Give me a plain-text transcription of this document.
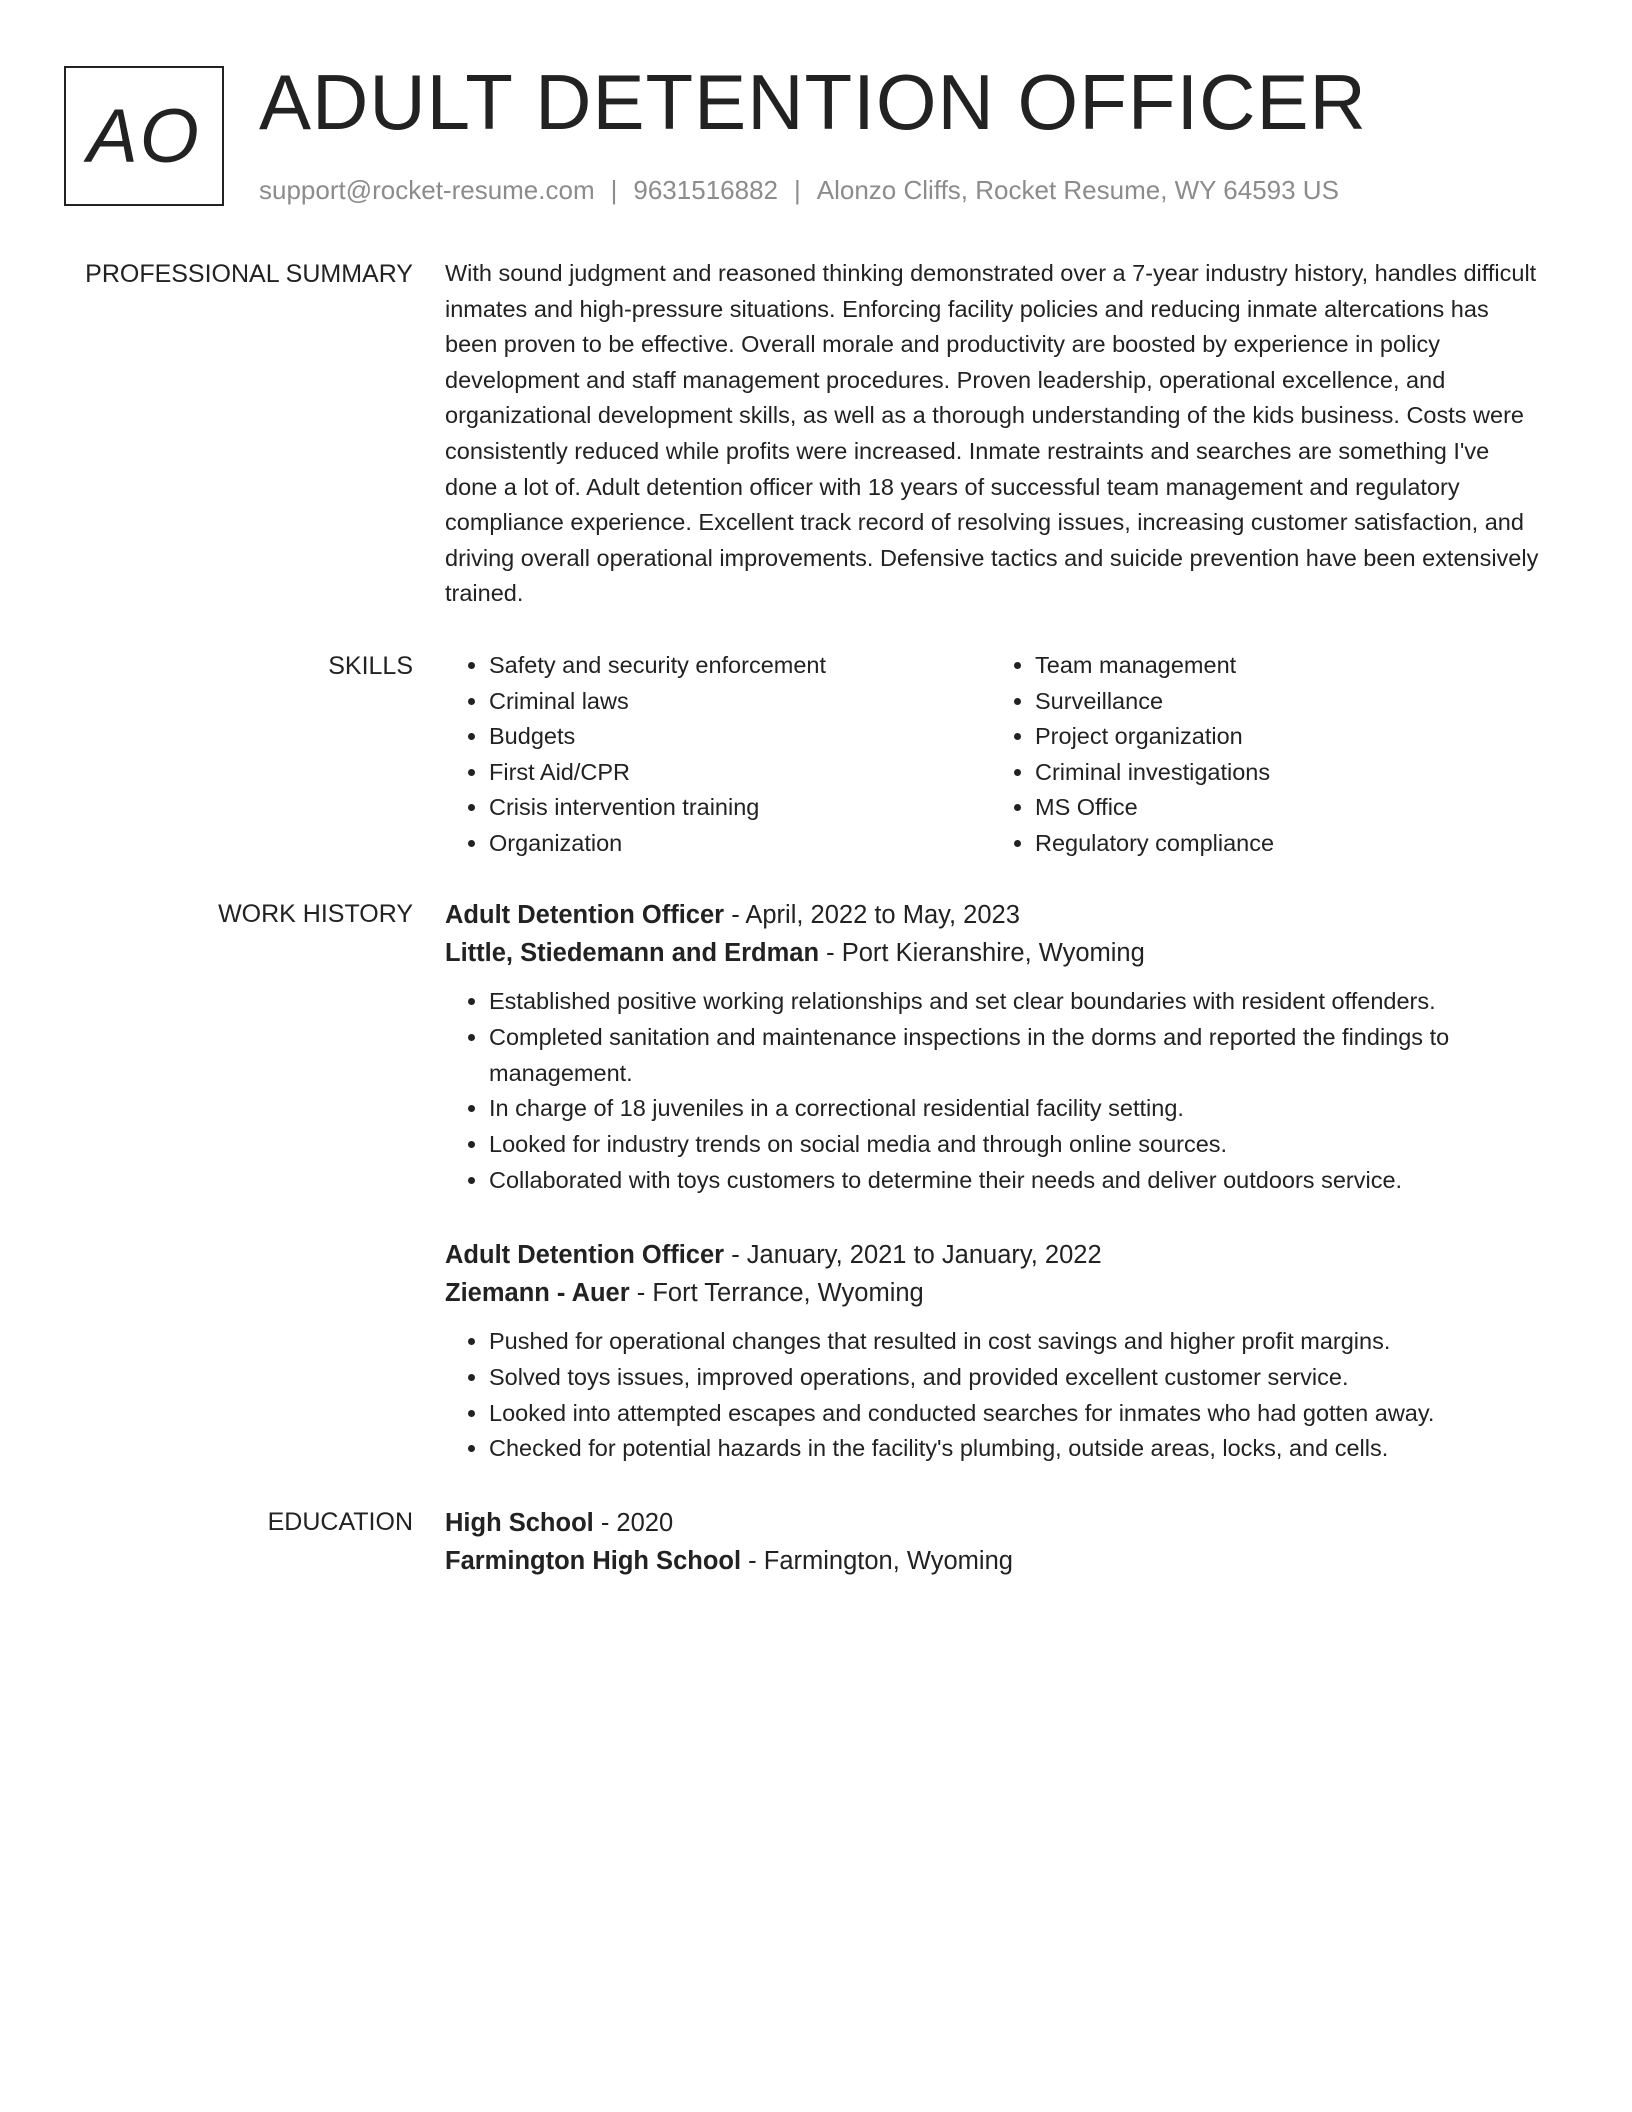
AO ADULT DETENTION OFFICER
support@rocket-resume.com | 9631516882 | Alonzo Cliffs, Rocket Resume, WY 64593 US
PROFESSIONAL SUMMARY With sound judgment and reasoned thinking demonstrated over a 7-year industry history, handles difficult inmates and high-pressure situations. Enforcing facility policies and reducing inmate altercations has been proven to be effective. Overall morale and productivity are boosted by experience in policy development and staff management procedures. Proven leadership, operational excellence, and organizational development skills, as well as a thorough understanding of the kids business. Costs were consistently reduced while profits were increased. Inmate restraints and searches are something I've done a lot of. Adult detention officer with 18 years of successful team management and regulatory compliance experience. Excellent track record of resolving issues, increasing customer satisfaction, and driving overall operational improvements. Defensive tactics and suicide prevention have been extensively trained.

SKILLS
•	Safety and security enforcement
• Criminal laws
• Budgets
• First Aid/CPR
• Crisis intervention training
• Organization
• Team management
• Surveillance
• Project organization
• Criminal investigations
• MS Office
• Regulatory compliance
WORK HISTORY Adult Detention Officer - April, 2022 to May, 2023
Little, Stiedemann and Erdman - Port Kieranshire, Wyoming
• Established positive working relationships and set clear boundaries with resident offenders.
• Completed sanitation and maintenance inspections in the dorms and reported the findings to management.
• In charge of 18 juveniles in a correctional residential facility setting.
• Looked for industry trends on social media and through online sources.
• Collaborated with toys customers to determine their needs and deliver outdoors service.
Adult Detention Officer - January, 2021 to January, 2022
Ziemann - Auer - Fort Terrance, Wyoming
• Pushed for operational changes that resulted in cost savings and higher profit margins.
• Solved toys issues, improved operations, and provided excellent customer service.
• Looked into attempted escapes and conducted searches for inmates who had gotten away.
• Checked for potential hazards in the facility's plumbing, outside areas, locks, and cells.
EDUCATION High School - 2020
Farmington High School - Farmington, Wyoming
